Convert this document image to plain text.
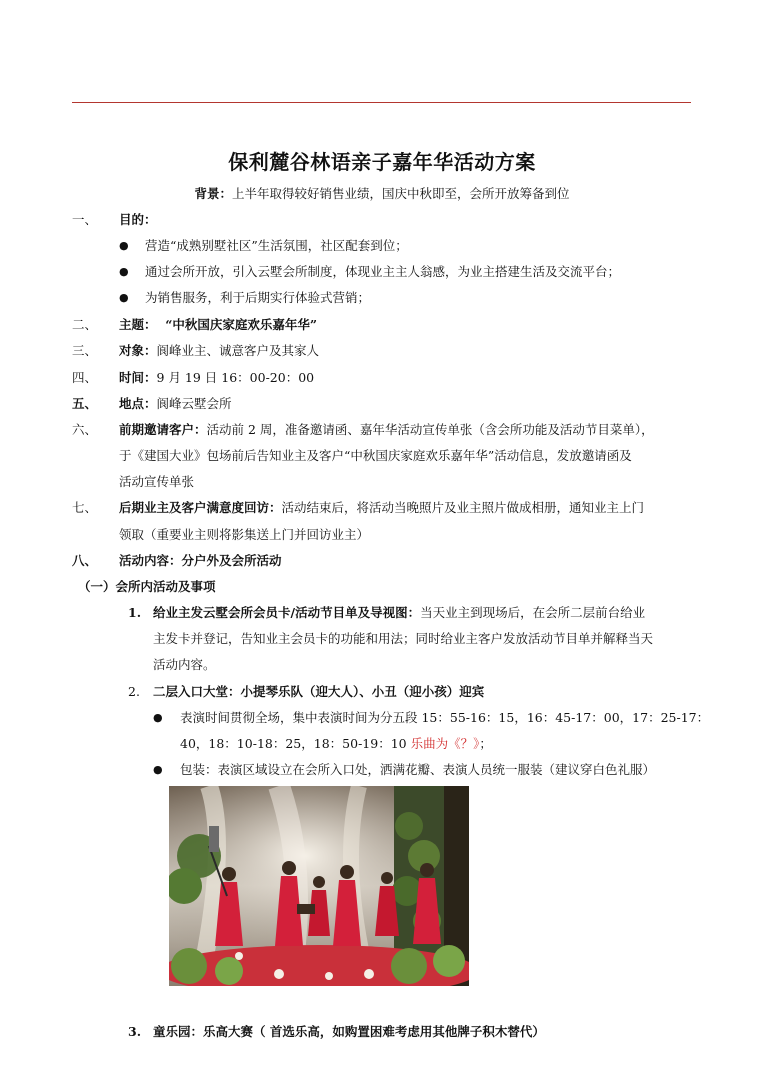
保利麓谷林语亲子嘉年华活动方案
背景：上半年取得较好销售业绩，国庆中秋即至，会所开放筹备到位
一、 目的：
● 营造“成熟别墅社区”生活氛围，社区配套到位；
● 通过会所开放，引入云墅会所制度，体现业主主人翁感，为业主搭建生活及交流平台；
● 为销售服务，利于后期实行体验式营销；
二、 主题： “中秋国庆家庭欢乐嘉年华”
三、 对象：阆峰业主、诚意客户及其家人
四、 时间：9 月 19 日 16：00-20：00
五、 地点：阆峰云墅会所
六、 前期邀请客户：活动前 2 周，准备邀请函、嘉年华活动宣传单张（含会所功能及活动节目菜单），
于《建国大业》包场前后告知业主及客户“中秋国庆家庭欢乐嘉年华”活动信息，发放邀请函及
活动宣传单张
七、 后期业主及客户满意度回访：活动结束后，将活动当晚照片及业主照片做成相册，通知业主上门
领取（重要业主则将影集送上门并回访业主）
八、 活动内容：分户外及会所活动
（一）会所内活动及事项
1. 给业主发云墅会所会员卡/活动节目单及导视图：当天业主到现场后，在会所二层前台给业
主发卡并登记，告知业主会员卡的功能和用法；同时给业主客户发放活动节目单并解释当天
活动内容。
2. 二层入口大堂：小提琴乐队（迎大人）、小丑（迎小孩）迎宾
● 表演时间贯彻全场，集中表演时间为分五段 15：55-16：15，16：45-17：00，17：25-17：
40，18：10-18：25，18：50-19：10 乐曲为《？》；
● 包装：表演区域设立在会所入口处，洒满花瓣、表演人员统一服装（建议穿白色礼服）
3. 童乐园：乐高大赛（ 首选乐高，如购置困难考虑用其他牌子积木替代）
